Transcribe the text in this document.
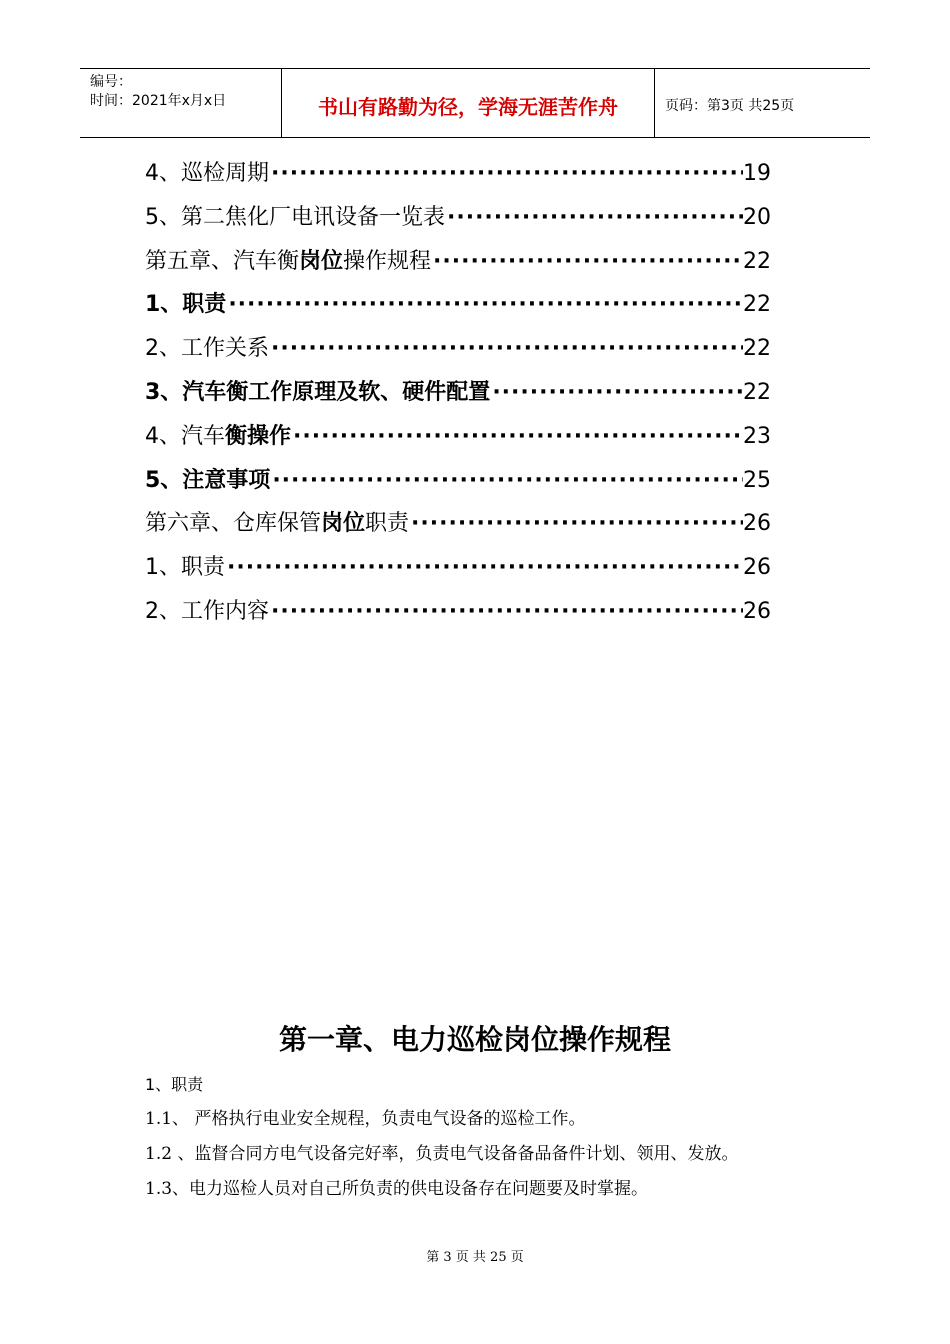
编号：
时间：2021年x月x日	书山有路勤为径，学海无涯苦作舟	页码：第3页 共25页
4、巡检周期 ·····	19
5、第二焦化厂电讯设备一览表 ·····	20
第五章、汽车衡岗位操作规程 ·····	22
1、职责 ·····	22
2、工作关系 ·····	22
3、汽车衡工作原理及软、硬件配置 ·····	22
4、汽车衡操作 ·····	23
5、注意事项 ·····	25
第六章、仓库保管岗位职责 ·····	26
1、职责 ·····	26
2、工作内容 ·····	26
第一章、电力巡检岗位操作规程
1、职责
1.1、 严格执行电业安全规程，负责电气设备的巡检工作。
1.2 、监督合同方电气设备完好率，负责电气设备备品备件计划、领用、发放。
1.3、电力巡检人员对自己所负责的供电设备存在问题要及时掌握。
第 3 页 共 25 页
